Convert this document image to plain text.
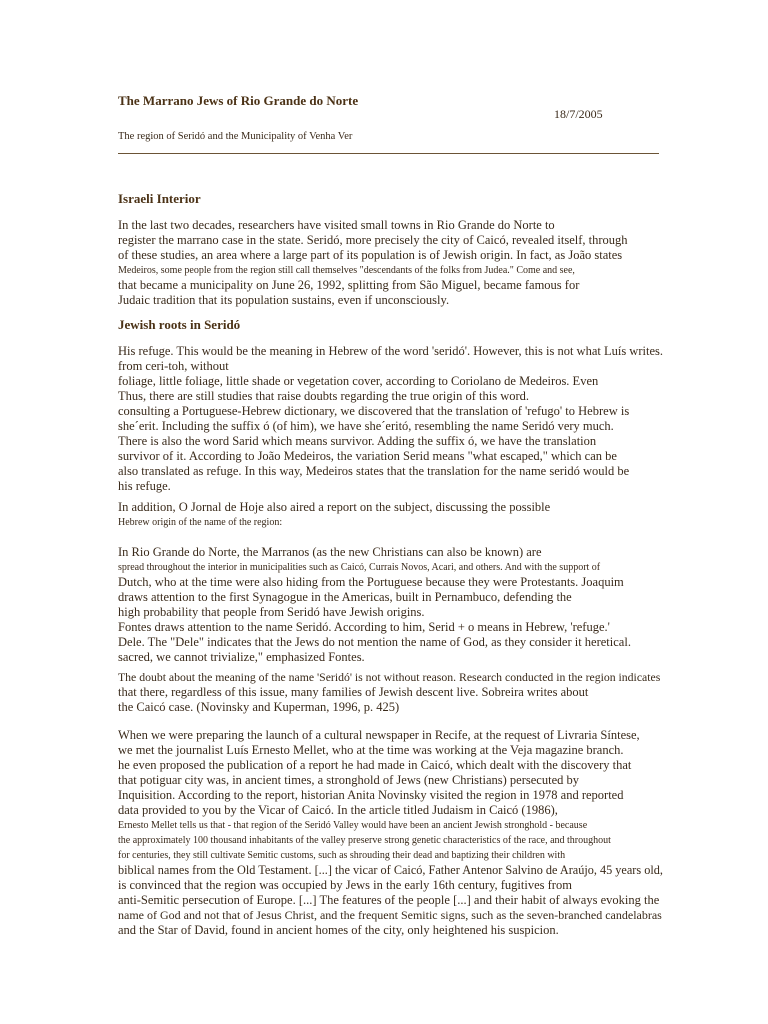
The Marrano Jews of Rio Grande do Norte
18/7/2005
The region of Seridó and the Municipality of Venha Ver
Israeli Interior
In the last two decades, researchers have visited small towns in Rio Grande do Norte to
register the marrano case in the state. Seridó, more precisely the city of Caicó, revealed itself, through
of these studies, an area where a large part of its population is of Jewish origin. In fact, as João states
Medeiros, some people from the region still call themselves "descendants of the folks from Judea." Come and see,
that became a municipality on June 26, 1992, splitting from São Miguel, became famous for
Judaic tradition that its population sustains, even if unconsciously.
Jewish roots in Seridó
His refuge. This would be the meaning in Hebrew of the word 'seridó'. However, this is not what Luís writes.
from ceri-toh, without
foliage, little foliage, little shade or vegetation cover, according to Coriolano de Medeiros. Even
Thus, there are still studies that raise doubts regarding the true origin of this word.
consulting a Portuguese-Hebrew dictionary, we discovered that the translation of 'refugo' to Hebrew is
she´erit. Including the suffix ó (of him), we have she´eritó, resembling the name Seridó very much.
There is also the word Sarid which means survivor. Adding the suffix ó, we have the translation
survivor of it. According to João Medeiros, the variation Serid means "what escaped," which can be
also translated as refuge. In this way, Medeiros states that the translation for the name seridó would be
his refuge.
In addition, O Jornal de Hoje also aired a report on the subject, discussing the possible
Hebrew origin of the name of the region:
In Rio Grande do Norte, the Marranos (as the new Christians can also be known) are
spread throughout the interior in municipalities such as Caicó, Currais Novos, Acari, and others. And with the support of
Dutch, who at the time were also hiding from the Portuguese because they were Protestants. Joaquim
draws attention to the first Synagogue in the Americas, built in Pernambuco, defending the
high probability that people from Seridó have Jewish origins.
Fontes draws attention to the name Seridó. According to him, Serid + o means in Hebrew, 'refuge.'
Dele. The "Dele" indicates that the Jews do not mention the name of God, as they consider it heretical.
sacred, we cannot trivialize," emphasized Fontes.
The doubt about the meaning of the name 'Seridó' is not without reason. Research conducted in the region indicates
that there, regardless of this issue, many families of Jewish descent live. Sobreira writes about
the Caicó case. (Novinsky and Kuperman, 1996, p. 425)
When we were preparing the launch of a cultural newspaper in Recife, at the request of Livraria Síntese,
we met the journalist Luís Ernesto Mellet, who at the time was working at the Veja magazine branch.
he even proposed the publication of a report he had made in Caicó, which dealt with the discovery that
that potiguar city was, in ancient times, a stronghold of Jews (new Christians) persecuted by
Inquisition. According to the report, historian Anita Novinsky visited the region in 1978 and reported
data provided to you by the Vicar of Caicó. In the article titled Judaism in Caicó (1986),
Ernesto Mellet tells us that - that region of the Seridó Valley would have been an ancient Jewish stronghold - because
the approximately 100 thousand inhabitants of the valley preserve strong genetic characteristics of the race, and throughout
for centuries, they still cultivate Semitic customs, such as shrouding their dead and baptizing their children with
biblical names from the Old Testament. [...] the vicar of Caicó, Father Antenor Salvino de Araújo, 45 years old,
is convinced that the region was occupied by Jews in the early 16th century, fugitives from
anti-Semitic persecution of Europe. [...] The features of the people [...] and their habit of always evoking the
name of God and not that of Jesus Christ, and the frequent Semitic signs, such as the seven-branched candelabras
and the Star of David, found in ancient homes of the city, only heightened his suspicion.
